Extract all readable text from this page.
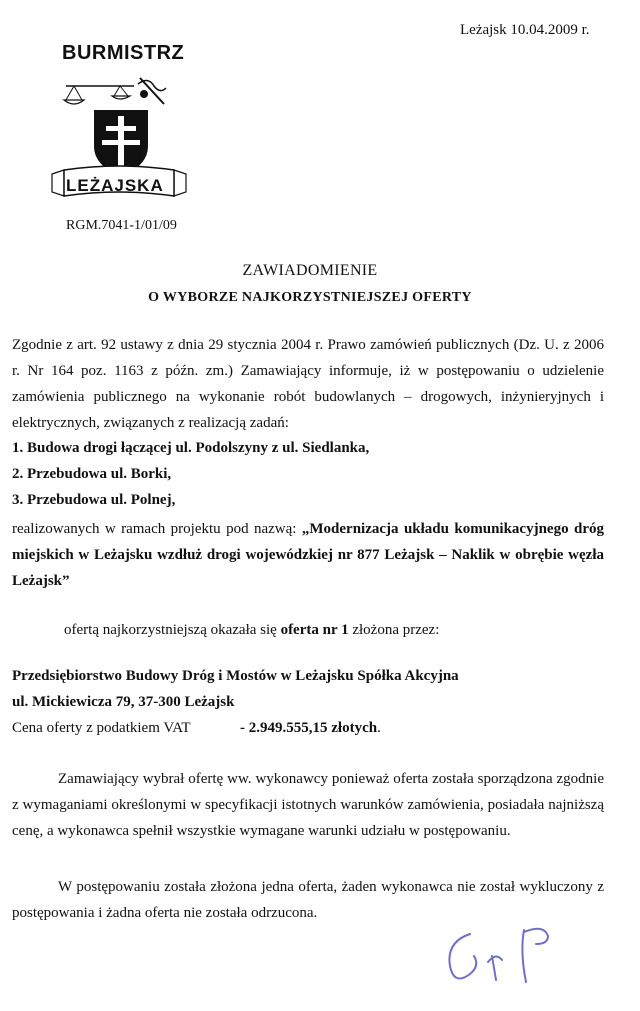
Leżajsk 10.04.2009 r.
BURMISTRZ
LEŻAJSKA
RGM.7041-1/01/09
ZAWIADOMIENIE
O WYBORZE NAJKORZYSTNIEJSZEJ OFERTY
Zgodnie z art. 92 ustawy z dnia 29 stycznia 2004 r. Prawo zamówień publicznych (Dz. U. z 2006 r. Nr 164 poz. 1163 z późn. zm.) Zamawiający informuje, iż w postępowaniu o udzielenie zamówienia publicznego na wykonanie robót budowlanych – drogowych, inżynieryjnych i elektrycznych, związanych z realizacją zadań:
1. Budowa drogi łączącej ul. Podolszyny z ul. Siedlanka,
2. Przebudowa ul. Borki,
3. Przebudowa ul. Polnej,
realizowanych w ramach projektu pod nazwą: „Modernizacja układu komunikacyjnego dróg miejskich w Leżajsku wzdłuż drogi wojewódzkiej nr 877 Leżajsk – Naklik w obrębie węzła Leżajsk”
ofertą najkorzystniejszą okazała się oferta nr 1 złożona przez:
Przedsiębiorstwo Budowy Dróg i Mostów w Leżajsku Spółka Akcyjna
ul. Mickiewicza 79, 37-300 Leżajsk
Cena oferty z podatkiem VAT	- 2.949.555,15 złotych.
Zamawiający wybrał ofertę ww. wykonawcy ponieważ oferta została sporządzona zgodnie z wymaganiami określonymi w specyfikacji istotnych warunków zamówienia, posiadała najniższą cenę, a wykonawca spełnił wszystkie wymagane warunki udziału w postępowaniu.
W postępowaniu została złożona jedna oferta, żaden wykonawca nie został wykluczony z postępowania i żadna oferta nie została odrzucona.
